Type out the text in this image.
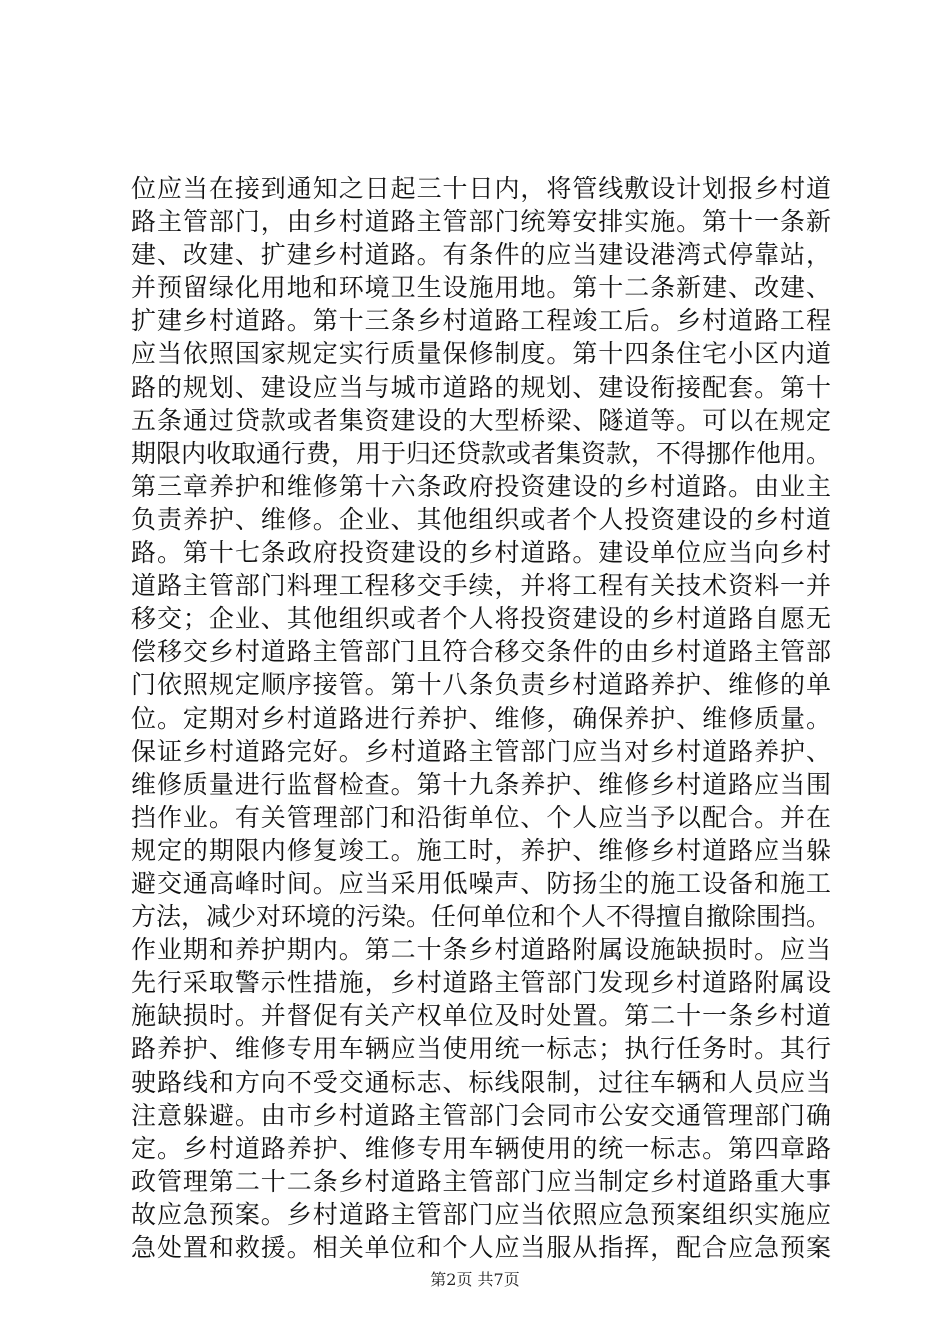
位应当在接到通知之日起三十日内，将管线敷设计划报乡村道
路主管部门，由乡村道路主管部门统筹安排实施。第十一条新
建、改建、扩建乡村道路。有条件的应当建设港湾式停靠站，
并预留绿化用地和环境卫生设施用地。第十二条新建、改建、
扩建乡村道路。第十三条乡村道路工程竣工后。乡村道路工程
应当依照国家规定实行质量保修制度。第十四条住宅小区内道
路的规划、建设应当与城市道路的规划、建设衔接配套。第十
五条通过贷款或者集资建设的大型桥梁、隧道等。可以在规定
期限内收取通行费，用于归还贷款或者集资款，不得挪作他用。
第三章养护和维修第十六条政府投资建设的乡村道路。由业主
负责养护、维修。企业、其他组织或者个人投资建设的乡村道
路。第十七条政府投资建设的乡村道路。建设单位应当向乡村
道路主管部门料理工程移交手续，并将工程有关技术资料一并
移交；企业、其他组织或者个人将投资建设的乡村道路自愿无
偿移交乡村道路主管部门且符合移交条件的由乡村道路主管部
门依照规定顺序接管。第十八条负责乡村道路养护、维修的单
位。定期对乡村道路进行养护、维修，确保养护、维修质量。
保证乡村道路完好。乡村道路主管部门应当对乡村道路养护、
维修质量进行监督检查。第十九条养护、维修乡村道路应当围
挡作业。有关管理部门和沿街单位、个人应当予以配合。并在
规定的期限内修复竣工。施工时，养护、维修乡村道路应当躲
避交通高峰时间。应当采用低噪声、防扬尘的施工设备和施工
方法，减少对环境的污染。任何单位和个人不得擅自撤除围挡。
作业期和养护期内。第二十条乡村道路附属设施缺损时。应当
先行采取警示性措施，乡村道路主管部门发现乡村道路附属设
施缺损时。并督促有关产权单位及时处置。第二十一条乡村道
路养护、维修专用车辆应当使用统一标志；执行任务时。其行
驶路线和方向不受交通标志、标线限制，过往车辆和人员应当
注意躲避。由市乡村道路主管部门会同市公安交通管理部门确
定。乡村道路养护、维修专用车辆使用的统一标志。第四章路
政管理第二十二条乡村道路主管部门应当制定乡村道路重大事
故应急预案。乡村道路主管部门应当依照应急预案组织实施应
急处置和救援。相关单位和个人应当服从指挥，配合应急预案
第2页 共7页
